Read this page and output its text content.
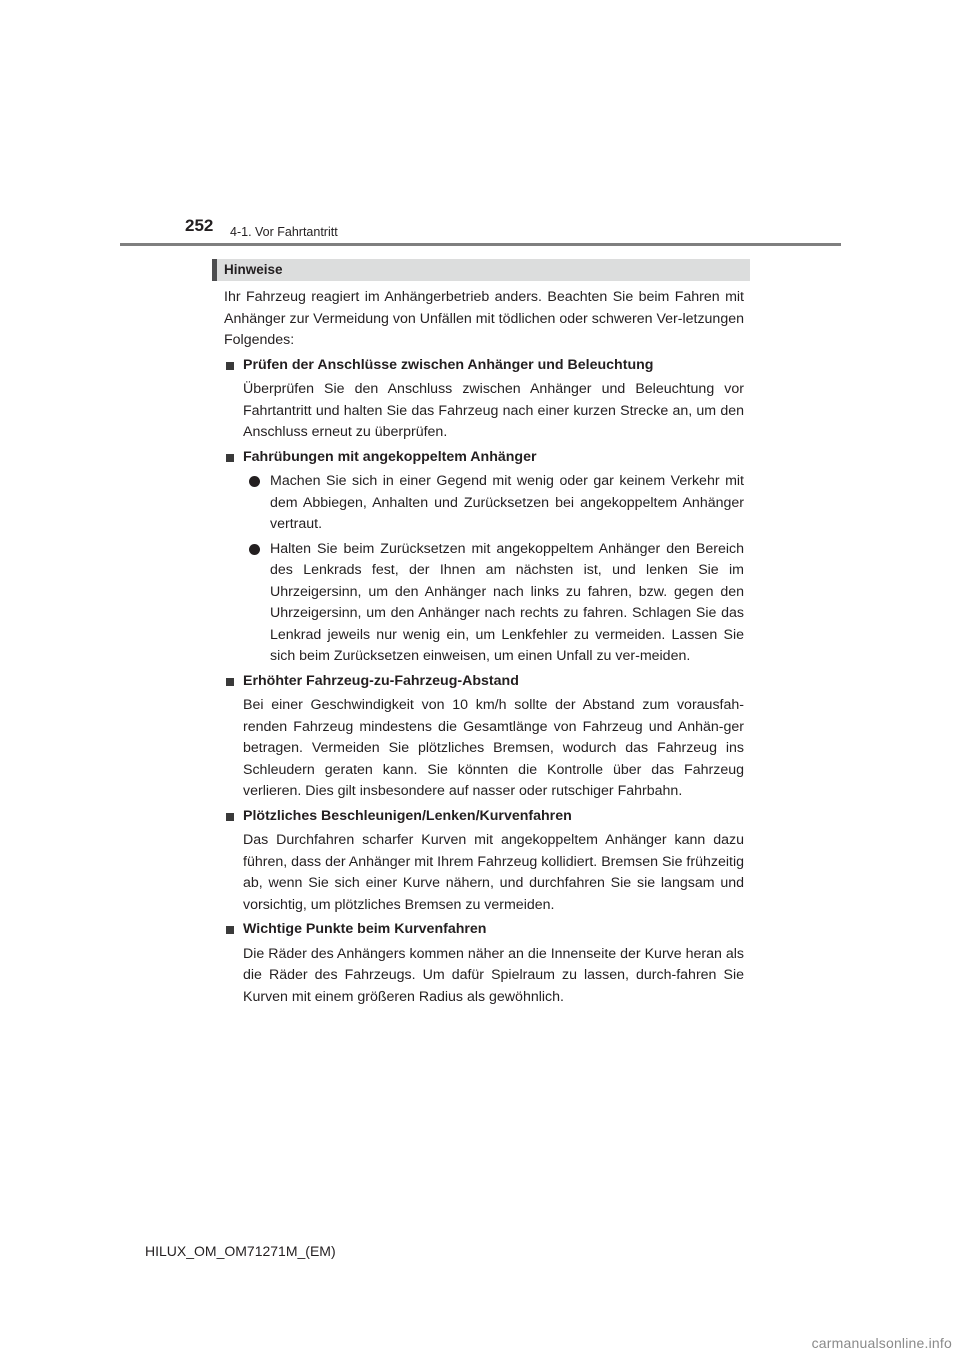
252 4-1. Vor Fahrtantritt
Hinweise
Ihr Fahrzeug reagiert im Anhängerbetrieb anders. Beachten Sie beim Fahren mit Anhänger zur Vermeidung von Unfällen mit tödlichen oder schweren Ver-letzungen Folgendes:
Prüfen der Anschlüsse zwischen Anhänger und Beleuchtung
Überprüfen Sie den Anschluss zwischen Anhänger und Beleuchtung vor Fahrtantritt und halten Sie das Fahrzeug nach einer kurzen Strecke an, um den Anschluss erneut zu überprüfen.
Fahrübungen mit angekoppeltem Anhänger
Machen Sie sich in einer Gegend mit wenig oder gar keinem Verkehr mit dem Abbiegen, Anhalten und Zurücksetzen bei angekoppeltem Anhänger vertraut.
Halten Sie beim Zurücksetzen mit angekoppeltem Anhänger den Bereich des Lenkrads fest, der Ihnen am nächsten ist, und lenken Sie im Uhrzeigersinn, um den Anhänger nach links zu fahren, bzw. gegen den Uhrzeigersinn, um den Anhänger nach rechts zu fahren. Schlagen Sie das Lenkrad jeweils nur wenig ein, um Lenkfehler zu vermeiden. Lassen Sie sich beim Zurücksetzen einweisen, um einen Unfall zu ver-meiden.
Erhöhter Fahrzeug-zu-Fahrzeug-Abstand
Bei einer Geschwindigkeit von 10 km/h sollte der Abstand zum vorausfah-renden Fahrzeug mindestens die Gesamtlänge von Fahrzeug und Anhän-ger betragen. Vermeiden Sie plötzliches Bremsen, wodurch das Fahrzeug ins Schleudern geraten kann. Sie könnten die Kontrolle über das Fahrzeug verlieren. Dies gilt insbesondere auf nasser oder rutschiger Fahrbahn.
Plötzliches Beschleunigen/Lenken/Kurvenfahren
Das Durchfahren scharfer Kurven mit angekoppeltem Anhänger kann dazu führen, dass der Anhänger mit Ihrem Fahrzeug kollidiert. Bremsen Sie frühzeitig ab, wenn Sie sich einer Kurve nähern, und durchfahren Sie sie langsam und vorsichtig, um plötzliches Bremsen zu vermeiden.
Wichtige Punkte beim Kurvenfahren
Die Räder des Anhängers kommen näher an die Innenseite der Kurve heran als die Räder des Fahrzeugs. Um dafür Spielraum zu lassen, durch-fahren Sie Kurven mit einem größeren Radius als gewöhnlich.
HILUX_OM_OM71271M_(EM)
carmanualsonline.info
